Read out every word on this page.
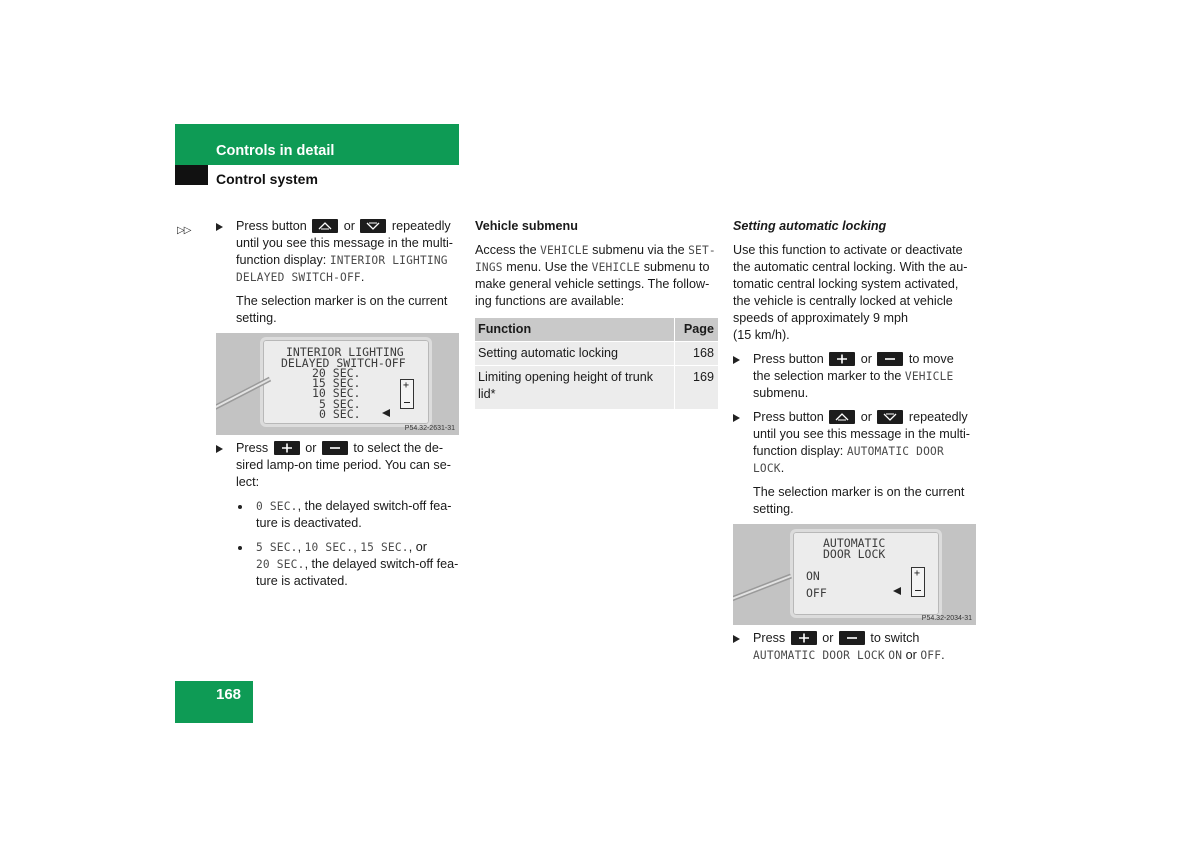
Controls in detail
Control system
168

▷▷	Press button	or	repeatedly
until you see this message in the multi-
function display: INTERIOR LIGHTING
DELAYED SWITCH-OFF.

The selection marker is on the current
setting.

INTERIOR LIGHTING
DELAYED SWITCH-OFF
20 SEC.
15 SEC.
10 SEC.
5 SEC.
0 SEC.
+
P54.32-2631-31

Press	or	to select the de-
sired lamp-on time period. You can se-
lect:

0 SEC., the delayed switch-off fea-
ture is deactivated.

5 SEC., 10 SEC., 15 SEC., or
20 SEC., the delayed switch-off fea-
ture is activated.

Vehicle submenu

Access the VEHICLE submenu via the SET-
INGS menu. Use the VEHICLE submenu to
make general vehicle settings. The follow-
ing functions are available:

Function	Page
Setting automatic locking	168
Limiting opening height of trunk lid*	169

Setting automatic locking

Use this function to activate or deactivate
the automatic central locking. With the au-
tomatic central locking system activated,
the vehicle is centrally locked at vehicle
speeds of approximately 9 mph
(15 km/h).

Press button	or	to move
the selection marker to the VEHICLE
submenu.

Press button	or	repeatedly
until you see this message in the multi-
function display: AUTOMATIC DOOR LOCK.

The selection marker is on the current
setting.

AUTOMATIC
DOOR LOCK
ON
OFF
+
P54.32-2034-31

Press	or	to switch
AUTOMATIC DOOR LOCK ON or OFF.
